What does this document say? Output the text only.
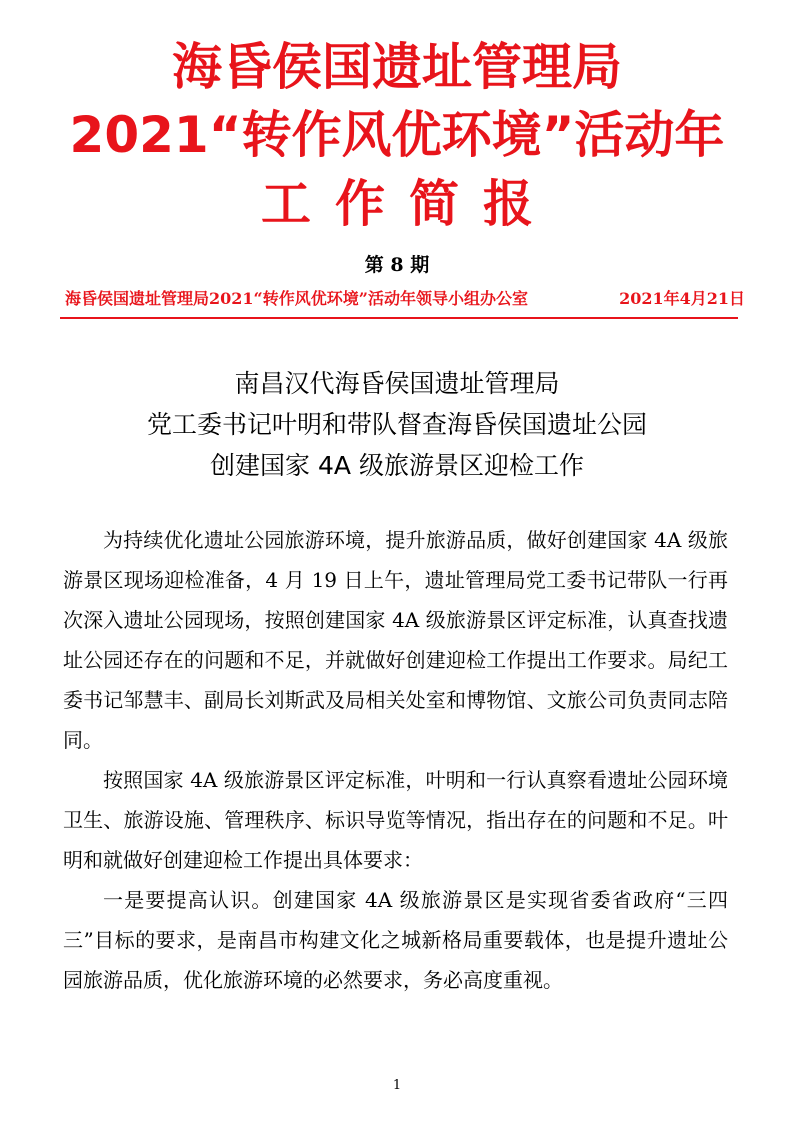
海昏侯国遗址管理局
2021“转作风优环境”活动年
工作简报
第 8 期
海昏侯国遗址管理局2021“转作风优环境”活动年领导小组办公室	2021年4月21日
南昌汉代海昏侯国遗址管理局
党工委书记叶明和带队督查海昏侯国遗址公园
创建国家 4A 级旅游景区迎检工作

为持续优化遗址公园旅游环境，提升旅游品质，做好创建国家 4A 级旅游景区现场迎检准备，4 月 19 日上午，遗址管理局党工委书记带队一行再次深入遗址公园现场，按照创建国家 4A 级旅游景区评定标准，认真查找遗址公园还存在的问题和不足，并就做好创建迎检工作提出工作要求。局纪工委书记邹慧丰、副局长刘斯武及局相关处室和博物馆、文旅公司负责同志陪同。

按照国家 4A 级旅游景区评定标准，叶明和一行认真察看遗址公园环境卫生、旅游设施、管理秩序、标识导览等情况，指出存在的问题和不足。叶明和就做好创建迎检工作提出具体要求：

一是要提高认识。创建国家 4A 级旅游景区是实现省委省政府“三四三”目标的要求，是南昌市构建文化之城新格局重要载体，也是提升遗址公园旅游品质，优化旅游环境的必然要求，务必高度重视。

1
